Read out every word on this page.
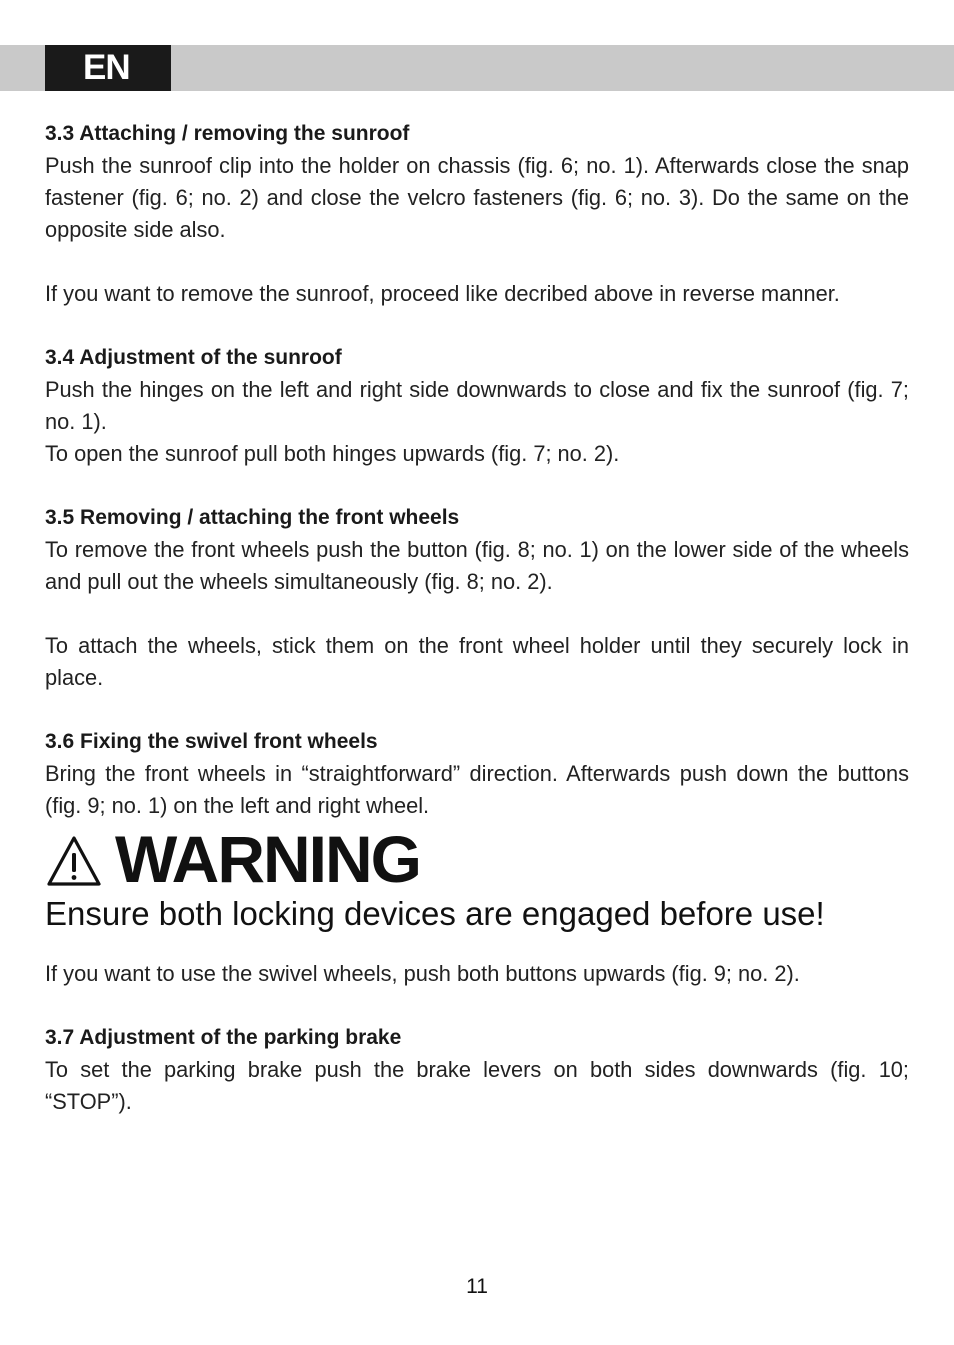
EN
3.3 Attaching / removing the sunroof

Push the sunroof clip into the holder on chassis (fig. 6; no. 1). Afterwards close the snap fastener (fig. 6; no. 2) and close the velcro fasteners (fig. 6; no. 3). Do the same on the opposite side also.

If you want to remove the sunroof, proceed like decribed above in reverse manner.

3.4 Adjustment of the sunroof

Push the hinges on the left and right side downwards to close and fix the sunroof (fig. 7; no. 1).

To open the sunroof pull both hinges upwards (fig. 7; no. 2).

3.5 Removing / attaching the front wheels

To remove the front wheels push the button (fig. 8; no. 1) on the lower side of the wheels and pull out the wheels simultaneously (fig. 8; no. 2).

To attach the wheels, stick them on the front wheel holder until they securely lock in place.

3.6 Fixing the swivel front wheels

Bring the front wheels in “straightforward” direction. Afterwards push down the buttons (fig. 9; no. 1) on the left and right wheel.

WARNING
Ensure both locking devices are engaged before use!

If you want to use the swivel wheels, push both buttons upwards (fig. 9; no. 2).

3.7 Adjustment of the parking brake

To set the parking brake push the brake levers on both sides downwards (fig. 10; “STOP”).

11
